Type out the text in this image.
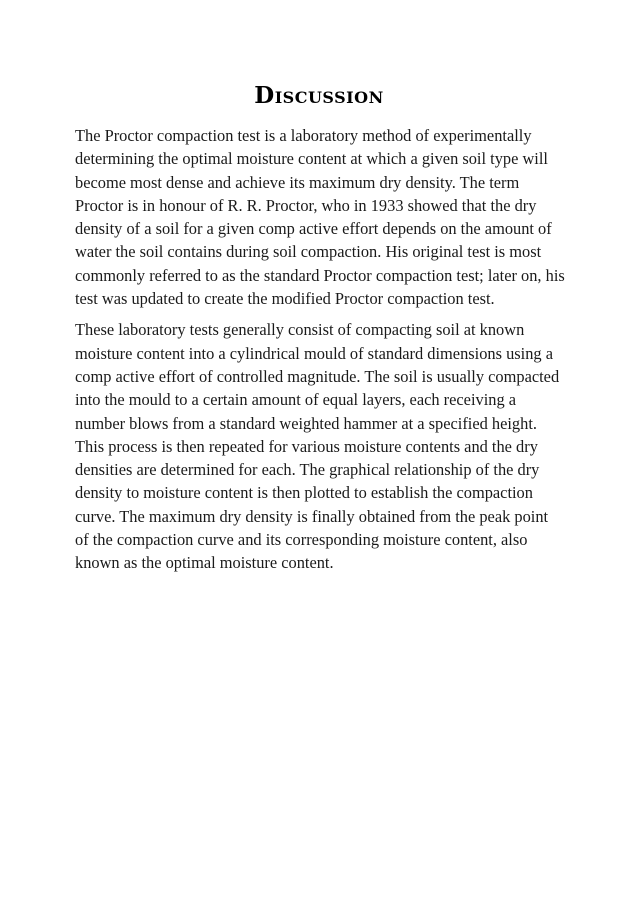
Discussion

The Proctor compaction test is a laboratory method of experimentally determining the optimal moisture content at which a given soil type will become most dense and achieve its maximum dry density. The term Proctor is in honour of R. R. Proctor, who in 1933 showed that the dry density of a soil for a given comp active effort depends on the amount of water the soil contains during soil compaction. His original test is most commonly referred to as the standard Proctor compaction test; later on, his test was updated to create the modified Proctor compaction test.

These laboratory tests generally consist of compacting soil at known moisture content into a cylindrical mould of standard dimensions using a comp active effort of controlled magnitude. The soil is usually compacted into the mould to a certain amount of equal layers, each receiving a number blows from a standard weighted hammer at a specified height. This process is then repeated for various moisture contents and the dry densities are determined for each. The graphical relationship of the dry density to moisture content is then plotted to establish the compaction curve. The maximum dry density is finally obtained from the peak point of the compaction curve and its corresponding moisture content, also known as the optimal moisture content.
